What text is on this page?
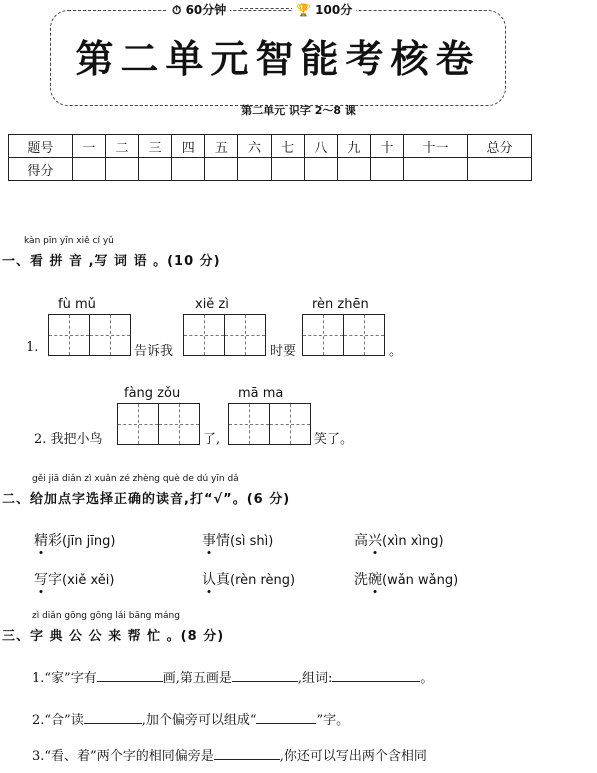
⏱ 60分钟	🏆 100分
第二单元智能考核卷
第二单元 识字 2～8 课
题号	一	二	三	四	五	六	七	八	九	十	十一	总分
得分												
kàn pīn yīn xiě cí yǔ
一、看 拼 音 ,写 词 语 。(10 分)
fù mǔ	xiě zì	rèn zhēn
1.	告诉我	时要	。
fàng zǒu	mā ma
2. 我把小鸟	了,	笑了。
gěi jiā diǎn zì xuǎn zé zhèng què de dú yīn dǎ
二、给加点字选择正确的读音,打“√”。(6 分)
精彩(jīn jīng)	事情(sì shì)	高兴(xìn xìng)
写字(xiě xěi)	认真(rèn rèng)	洗碗(wǎn wǎng)
zì diǎn gōng gōng lái bāng máng
三、字 典 公 公 来 帮 忙 。(8 分)
1.“家”字有	画,第五画是	,组词:	。
2.“合”读	,加个偏旁可以组成“	”字。
3.“看、着”两个字的相同偏旁是	,你还可以写出两个含相同
